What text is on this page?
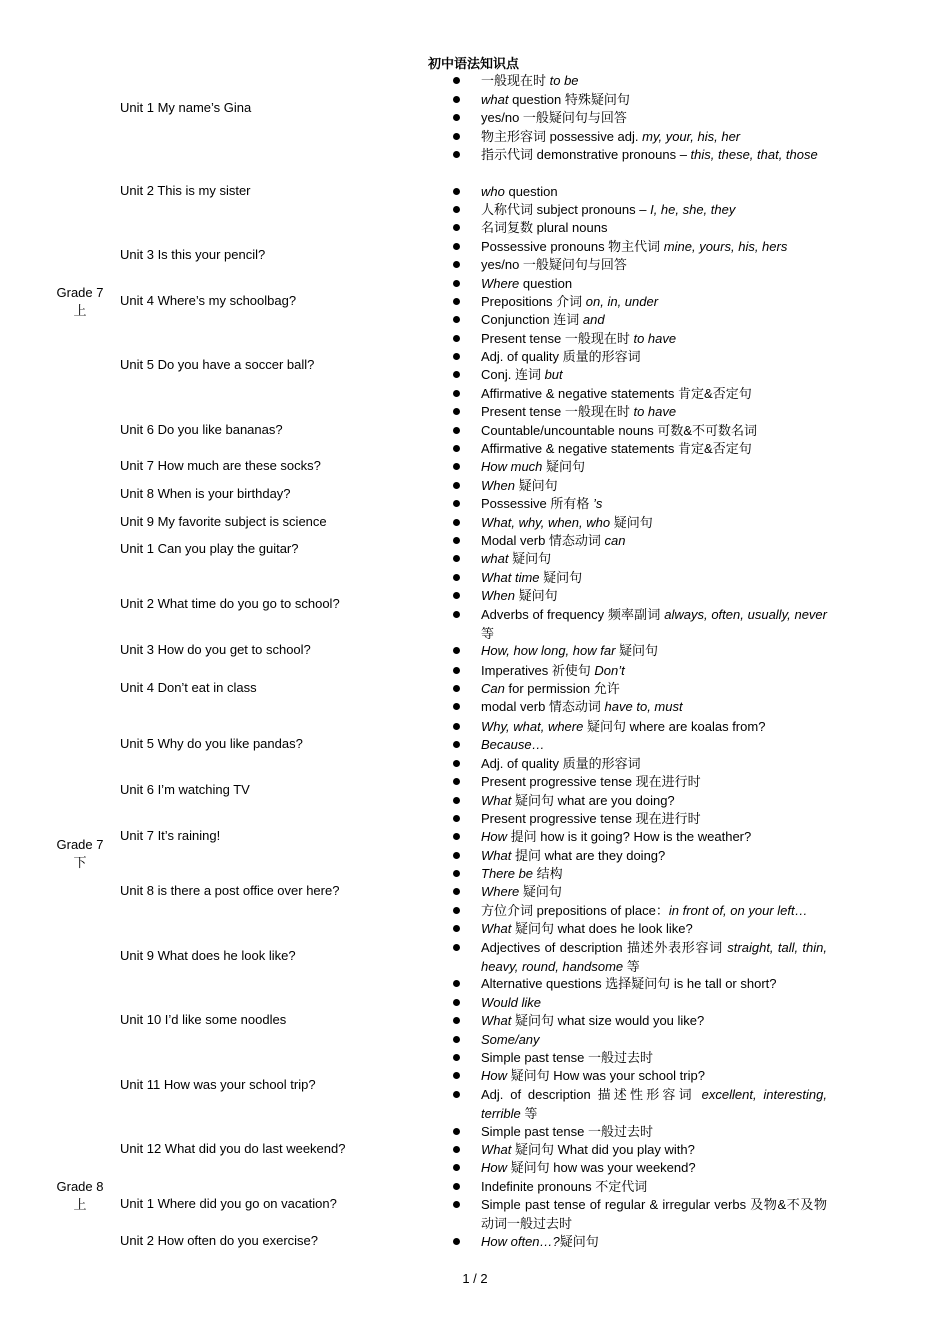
初中语法知识点
Grade 7
上
Grade 7
下
Grade 8
上
Unit 1 My name’s Gina
Unit 2 This is my sister
Unit 3 Is this your pencil?
Unit 4 Where’s my schoolbag?
Unit 5 Do you have a soccer ball?
Unit 6 Do you like bananas?
Unit 7 How much are these socks?
Unit 8 When is your birthday?
Unit 9 My favorite subject is science
Unit 1 Can you play the guitar?
Unit 2 What time do you go to school?
Unit 3 How do you get to school?
Unit 4 Don’t eat in class
Unit 5 Why do you like pandas?
Unit 6 I’m watching TV
Unit 7 It’s raining!
Unit 8 is there a post office over here?
Unit 9 What does he look like?
Unit 10 I’d like some noodles
Unit 11 How was your school trip?
Unit 12 What did you do last weekend?
Unit 1 Where did you go on vacation?
Unit 2 How often do you exercise?
一般现在时 to be
what question 特殊疑问句
yes/no 一般疑问句与回答
物主形容词 possessive adj. my, your, his, her
指示代词 demonstrative pronouns – this, these, that, those
who question
人称代词 subject pronouns – I, he, she, they
名词复数 plural nouns
Possessive pronouns 物主代词 mine, yours, his, hers
yes/no 一般疑问句与回答
Where question
Prepositions 介词 on, in, under
Conjunction 连词 and
Present tense 一般现在时 to have
Adj. of quality 质量的形容词
Conj. 连词 but
Affirmative & negative statements 肯定&否定句
Present tense 一般现在时 to have
Countable/uncountable nouns 可数&不可数名词
Affirmative & negative statements 肯定&否定句
How much 疑问句
When 疑问句
Possessive 所有格 ’s
What, why, when, who 疑问句
Modal verb 情态动词 can
what 疑问句
What time 疑问句
When 疑问句
Adverbs of frequency 频率副词 always, often, usually, never 等
How, how long, how far 疑问句
Imperatives 祈使句 Don’t
Can for permission 允许
modal verb 情态动词 have to, must
Why, what, where 疑问句 where are koalas from?
Because…
Adj. of quality 质量的形容词
Present progressive tense 现在进行时
What 疑问句 what are you doing?
Present progressive tense 现在进行时
How 提问 how is it going? How is the weather?
What 提问 what are they doing?
There be 结构
Where 疑问句
方位介词 prepositions of place：in front of, on your left…
What 疑问句 what does he look like?
Adjectives of description 描述外表形容词 straight, tall, thin, heavy, round, handsome 等
Alternative questions 选择疑问句 is he tall or short?
Would like
What 疑问句 what size would you like?
Some/any
Simple past tense 一般过去时
How 疑问句 How was your school trip?
Adj. of description 描述性形容词 excellent, interesting, terrible 等
Simple past tense 一般过去时
What 疑问句 What did you play with?
How 疑问句 how was your weekend?
Indefinite pronouns 不定代词
Simple past tense of regular & irregular verbs 及物&不及物动词一般过去时
How often…?疑问句
1 / 2
